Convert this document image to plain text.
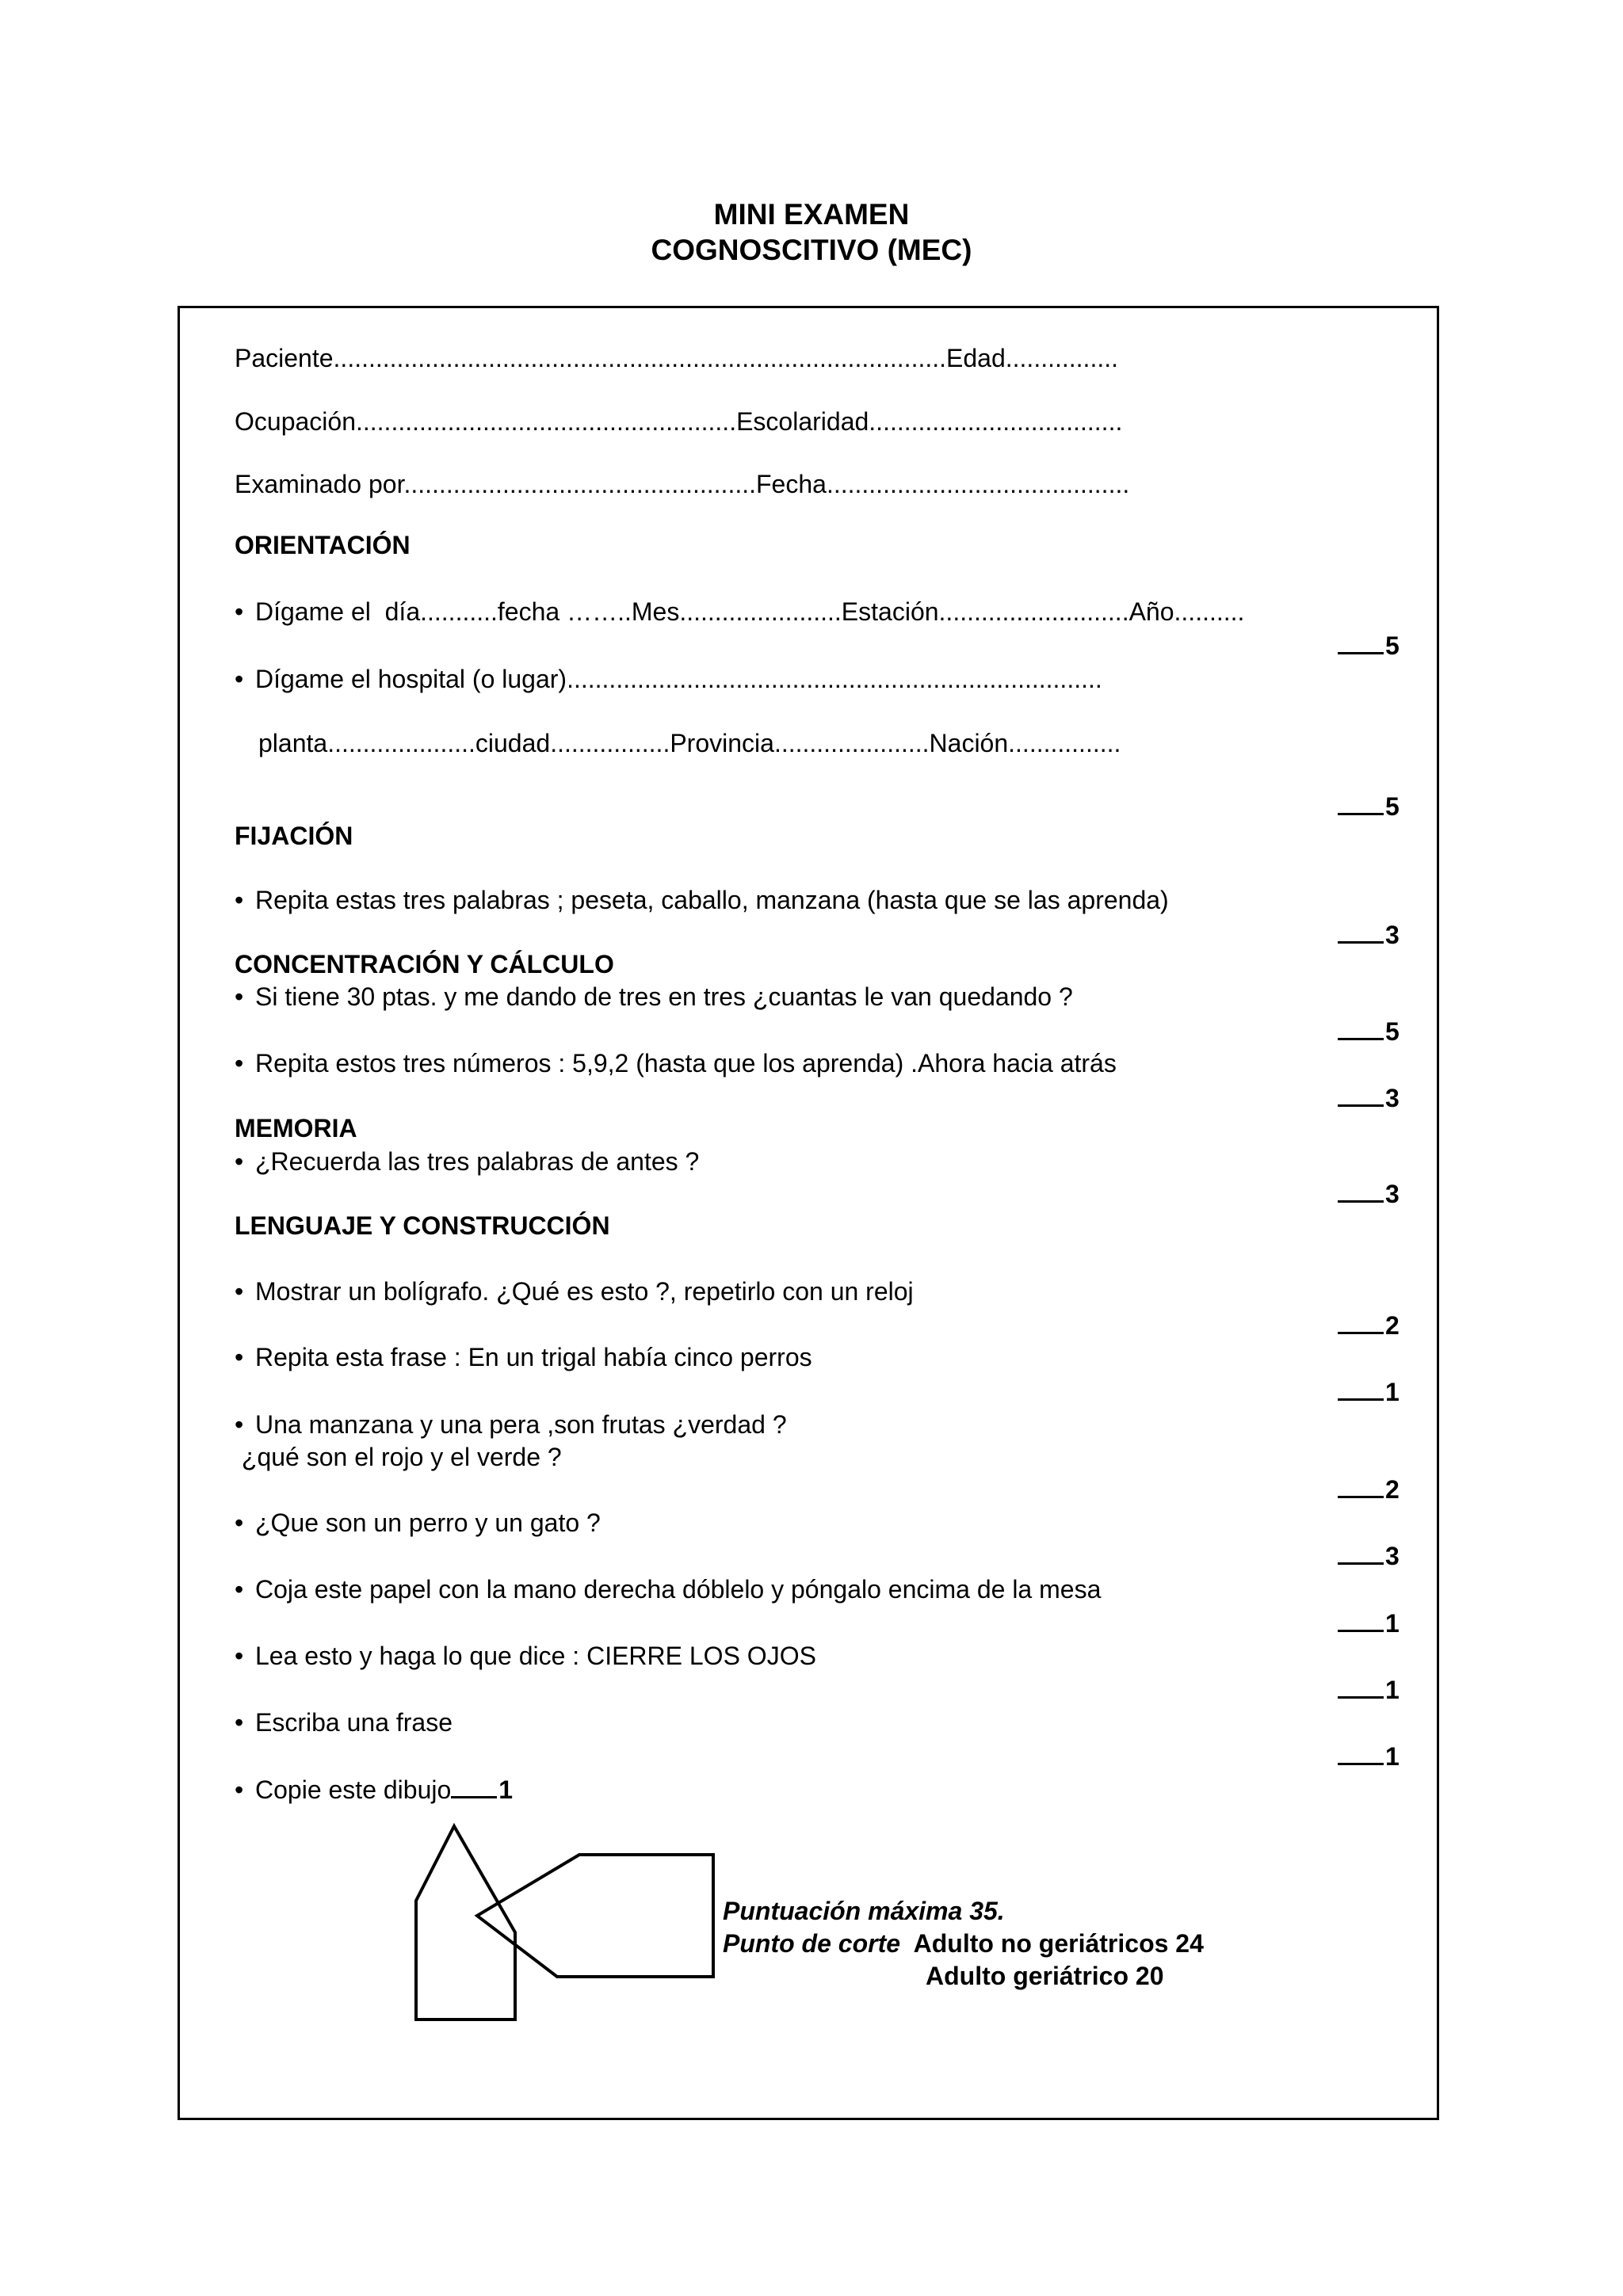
MINI EXAMEN
COGNOSCITIVO (MEC)
Paciente.......................................................................................Edad................
Ocupación......................................................Escolaridad....................................
Examinado por..................................................Fecha...........................................
ORIENTACIÓN
• Dígame el  día...........fecha ……..Mes.......................Estación...........................Año..........
5
• Dígame el hospital (o lugar)............................................................................
planta.....................ciudad.................Provincia......................Nación................
5
FIJACIÓN
• Repita estas tres palabras ; peseta, caballo, manzana (hasta que se las aprenda)
3
CONCENTRACIÓN Y CÁLCULO
• Si tiene 30 ptas. y me dando de tres en tres ¿cuantas le van quedando ?
5
• Repita estos tres números : 5,9,2 (hasta que los aprenda) .Ahora hacia atrás
3
MEMORIA
• ¿Recuerda las tres palabras de antes ?
3
LENGUAJE Y CONSTRUCCIÓN
• Mostrar un bolígrafo. ¿Qué es esto ?, repetirlo con un reloj
2
• Repita esta frase : En un trigal había cinco perros
1
• Una manzana y una pera ,son frutas ¿verdad ?
¿qué son el rojo y el verde ?
2
• ¿Que son un perro y un gato ?
3
• Coja este papel con la mano derecha dóblelo y póngalo encima de la mesa
1
• Lea esto y haga lo que dice : CIERRE LOS OJOS
1
• Escriba una frase
1
• Copie este dibujo 1
Puntuación máxima 35.
Punto de corte Adulto no geriátricos 24
Adulto geriátrico 20
